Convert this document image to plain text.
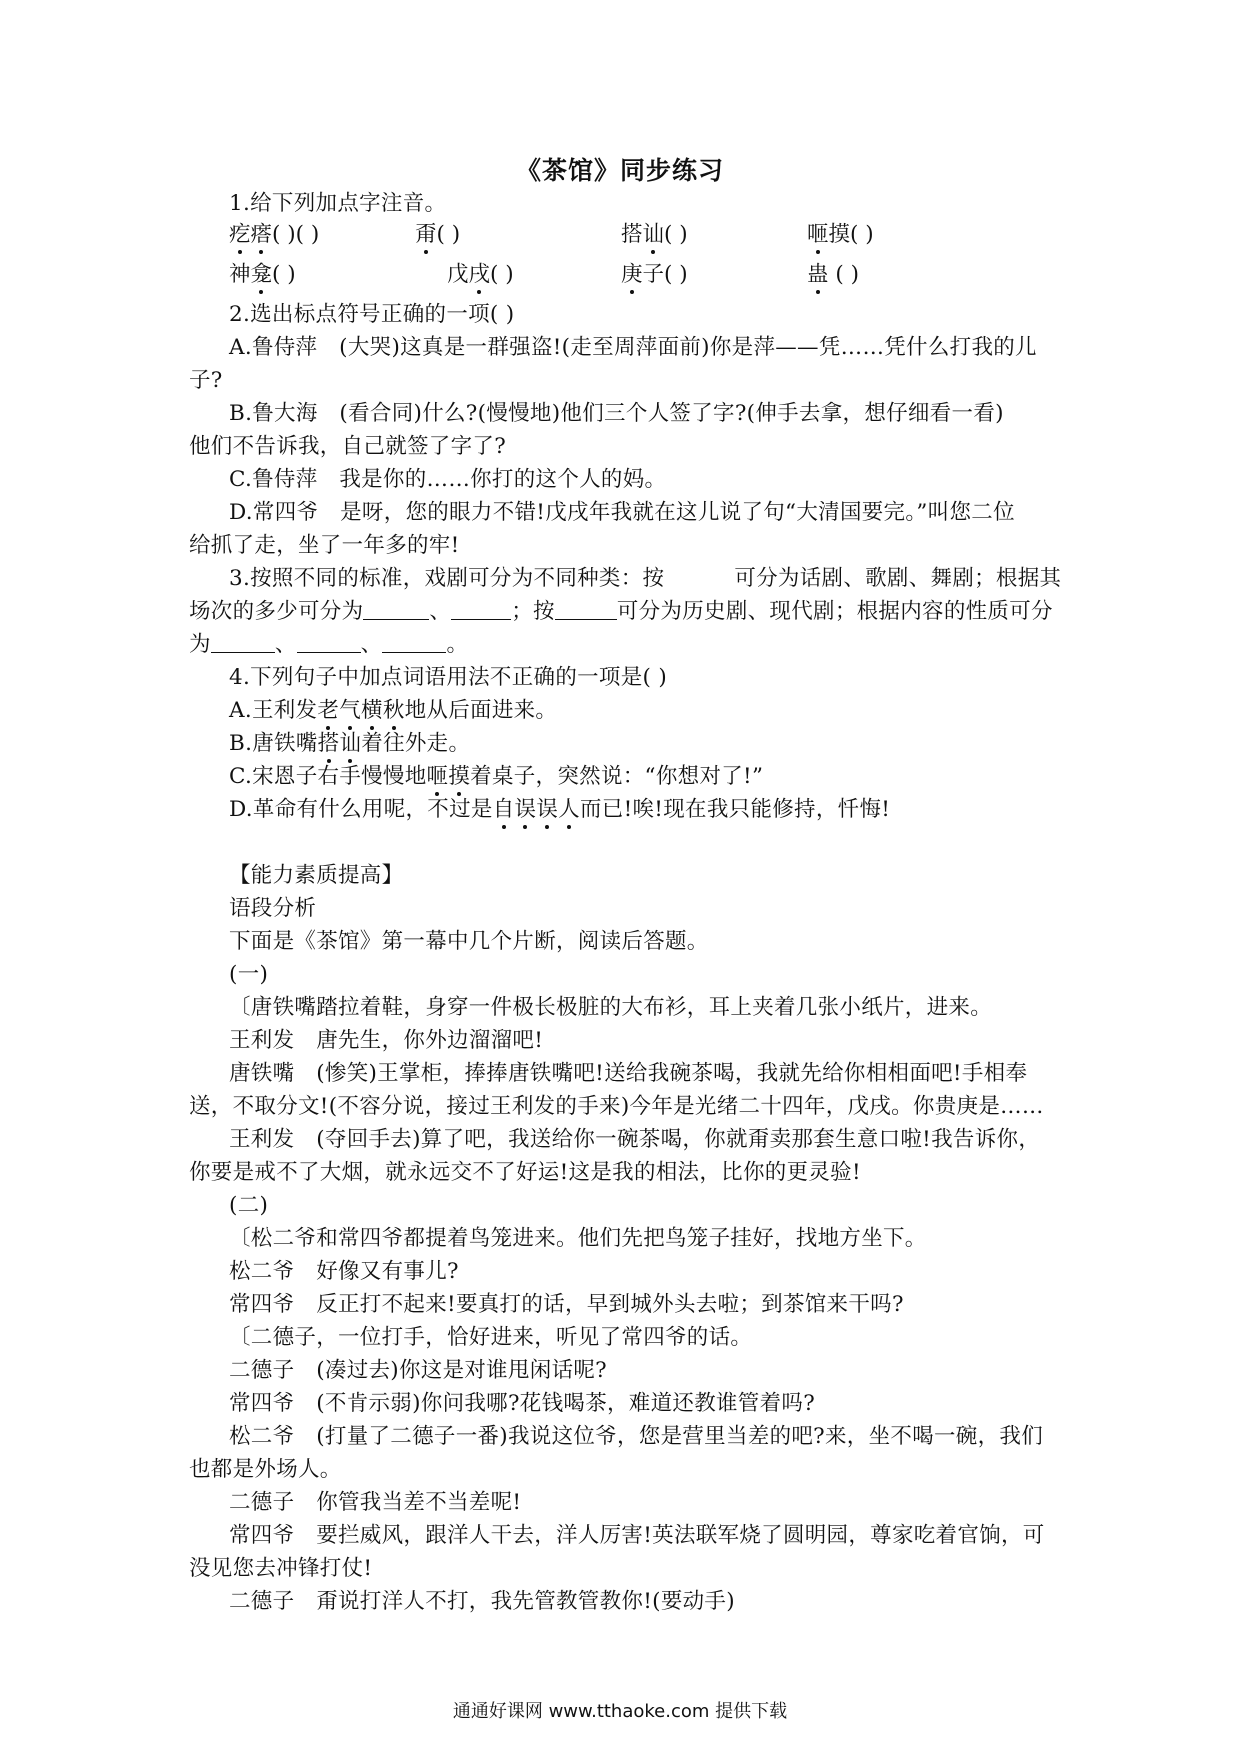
《茶馆》同步练习
1.给下列加点字注音。
疙瘩( )( )	甭( )	搭讪( )	咂摸( )
神龛( )	戊戌( )	庚子( )	蛊 ( )
2.选出标点符号正确的一项( )
A.鲁侍萍　(大哭)这真是一群强盗!(走至周萍面前)你是萍——凭……凭什么打我的儿
子?
B.鲁大海　(看合同)什么?(慢慢地)他们三个人签了字?(伸手去拿，想仔细看一看)
他们不告诉我，自己就签了字了?
C.鲁侍萍　我是你的……你打的这个人的妈。
D.常四爷　是呀，您的眼力不错!戊戌年我就在这儿说了句“大清国要完。”叫您二位
给抓了走，坐了一年多的牢!
3.按照不同的标准，戏剧可分为不同种类：按	可分为话剧、歌剧、舞剧；根据其
场次的多少可分为	、	；按	可分为历史剧、现代剧；根据内容的性质可分
为	、	、	。
4.下列句子中加点词语用法不正确的一项是( )
A.王利发老气横秋地从后面进来。
B.唐铁嘴搭讪着往外走。
C.宋恩子右手慢慢地咂摸着桌子，突然说：“你想对了!”
D.革命有什么用呢，不过是自误误人而已!唉!现在我只能修持，忏悔!
【能力素质提高】
语段分析
下面是《茶馆》第一幕中几个片断，阅读后答题。
(一)
〔唐铁嘴踏拉着鞋，身穿一件极长极脏的大布衫，耳上夹着几张小纸片，进来。
王利发　唐先生，你外边溜溜吧!
唐铁嘴　(惨笑)王掌柜，捧捧唐铁嘴吧!送给我碗茶喝，我就先给你相相面吧!手相奉
送，不取分文!(不容分说，接过王利发的手来)今年是光绪二十四年，戊戌。你贵庚是……
王利发　(夺回手去)算了吧，我送给你一碗茶喝，你就甭卖那套生意口啦!我告诉你，
你要是戒不了大烟，就永远交不了好运!这是我的相法，比你的更灵验!
(二)
〔松二爷和常四爷都提着鸟笼进来。他们先把鸟笼子挂好，找地方坐下。
松二爷　好像又有事儿?
常四爷　反正打不起来!要真打的话，早到城外头去啦；到茶馆来干吗?
〔二德子，一位打手，恰好进来，听见了常四爷的话。
二德子　(凑过去)你这是对谁甩闲话呢?
常四爷　(不肯示弱)你问我哪?花钱喝茶，难道还教谁管着吗?
松二爷　(打量了二德子一番)我说这位爷，您是营里当差的吧?来，坐不喝一碗，我们
也都是外场人。
二德子　你管我当差不当差呢!
常四爷　要拦威风，跟洋人干去，洋人厉害!英法联军烧了圆明园，尊家吃着官饷，可
没见您去冲锋打仗!
二德子　甭说打洋人不打，我先管教管教你!(要动手)
通通好课网 www.tthaoke.com 提供下载
